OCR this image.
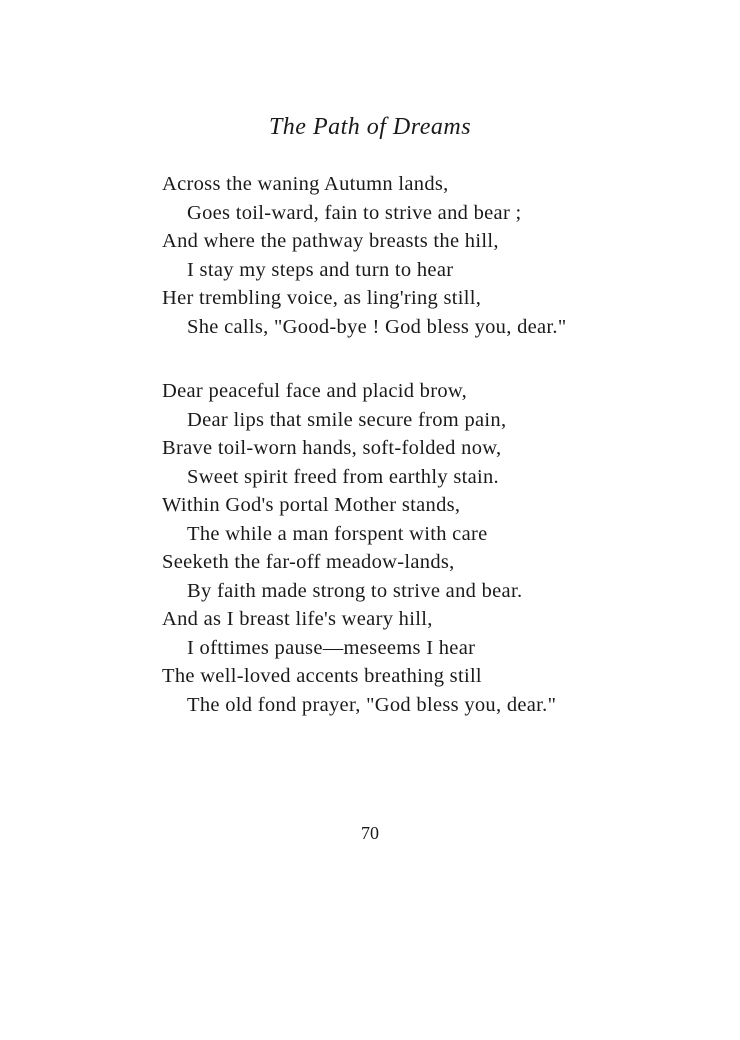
The Path of Dreams
Across the waning Autumn lands,
Goes toil-ward, fain to strive and bear ;
And where the pathway breasts the hill,
I stay my steps and turn to hear
Her trembling voice, as ling'ring still,
She calls, "Good-bye ! God bless you, dear."
Dear peaceful face and placid brow,
Dear lips that smile secure from pain,
Brave toil-worn hands, soft-folded now,
Sweet spirit freed from earthly stain.
Within God's portal Mother stands,
The while a man forspent with care
Seeketh the far-off meadow-lands,
By faith made strong to strive and bear.
And as I breast life's weary hill,
I ofttimes pause—meseems I hear
The well-loved accents breathing still
The old fond prayer, "God bless you, dear."
70
